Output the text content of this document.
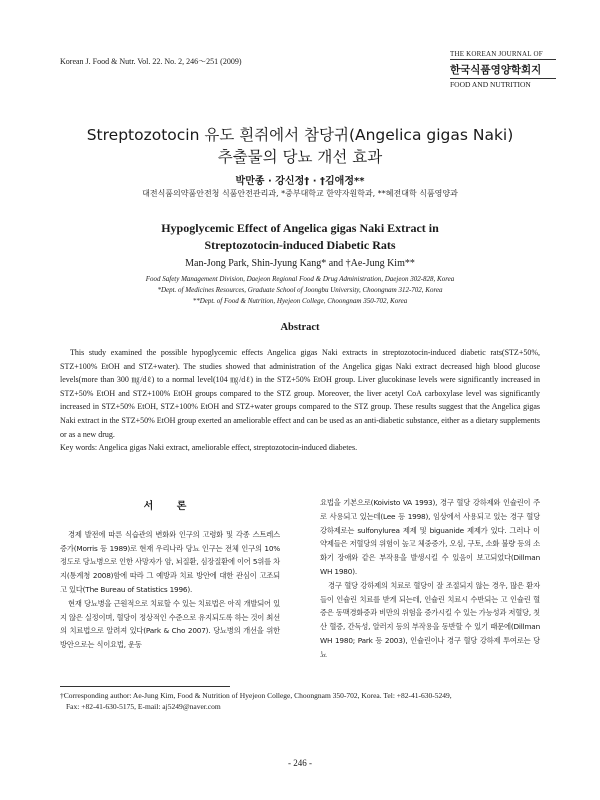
Korean J. Food & Nutr. Vol. 22. No. 2, 246～251 (2009)
THE KOREAN JOURNAL OF
한국식품영양학회지
FOOD AND NUTRITION
Streptozotocin 유도 흰쥐에서 참당귀(Angelica gigas Naki)
추출물의 당뇨 개선 효과
박만종 · 강신정† · †김애정**
대전식품의약품안전청 식품안전관리과, *중부대학교 한약자원학과, **혜전대학 식품영양과
Hypoglycemic Effect of Angelica gigas Naki Extract in
Streptozotocin-induced Diabetic Rats
Man-Jong Park, Shin-Jyung Kang* and †Ae-Jung Kim**
Food Safety Management Division, Daejeon Regional Food & Drug Administration, Daejeon 302-828, Korea
*Dept. of Medicines Resources, Graduate School of Joongbu University, Choongnam 312-702, Korea
**Dept. of Food & Nutrition, Hyejeon College, Choongnam 350-702, Korea
Abstract

This study examined the possible hypoglycemic effects Angelica gigas Naki extracts in streptozotocin-induced diabetic rats(STZ+50%, STZ+100% EtOH and STZ+water). The studies showed that administration of the Angelica gigas Naki extract decreased high blood glucose levels(more than 300 ㎎/dℓ) to a normal level(104 ㎎/dℓ) in the STZ+50% EtOH group. Liver glucokinase levels were significantly increased in STZ+50% EtOH and STZ+100% EtOH groups compared to the STZ group. Moreover, the liver acetyl CoA carboxylase level was significantly increased in STZ+50% EtOH, STZ+100% EtOH and STZ+water groups compared to the STZ group. These results suggest that the Angelica gigas Naki extract in the STZ+50% EtOH group exerted an ameliorable effect and can be used as an anti-diabetic substance, either as a dietary supplements or as a new drug.

Key words: Angelica gigas Naki extract, ameliorable effect, streptozotocin-induced diabetes.

서 론

경제 발전에 따른 식습관의 변화와 인구의 고령화 및 각종 스트레스 증가(Morris 등 1989)로 현재 우리나라 당뇨 인구는 전체 인구의 10% 정도로 당뇨병으로 인한 사망자가 암, 뇌질환, 심장질환에 이어 5위를 차지(통계청 2008)함에 따라 그 예방과 치료 방안에 대한 관심이 고조되고 있다(The Bureau of Statistics 1996).

현재 당뇨병을 근원적으로 치료할 수 있는 치료법은 아직 개발되어 있지 않은 실정이며, 혈당이 정상적인 수준으로 유지되도록 하는 것이 최선의 치료법으로 알려져 있다(Park & Cho 2007). 당뇨병의 개선을 위한 방안으로는 식이요법, 운동

요법을 기본으로(Koivisto VA 1993), 경구 혈당 강하제와 인슐린이 주로 사용되고 있는데(Lee 등 1998), 임상에서 사용되고 있는 경구 혈당 강하제로는 sulfonylurea 제제 및 biguanide 제제가 있다. 그러나 이 약제들은 저혈당의 위험이 높고 체중증가, 오심, 구토, 소화 불량 등의 소화기 장애와 같은 부작용을 발생시킬 수 있음이 보고되었다(Dillman WH 1980).

경구 혈당 강하제의 치료로 혈당이 잘 조절되지 않는 경우, 많은 환자들이 인슐린 치료를 받게 되는데, 인슐린 치료시 수반되는 고 인슐린 혈증은 동맥경화증과 비만의 위험을 증가시킬 수 있는 가능성과 저혈당, 칫산 혈증, 간독성, 알러지 등의 부작용을 동반할 수 있기 때문에(Dillman WH 1980; Park 등 2003), 인슐린이나 경구 혈당 강하제 투여로는 당뇨

†Corresponding author: Ae-Jung Kim, Food & Nutrition of Hyejeon College, Choongnam 350-702, Korea. Tel: +82-41-630-5249,
Fax: +82-41-630-5175, E-mail: aj5249@naver.com
- 246 -
